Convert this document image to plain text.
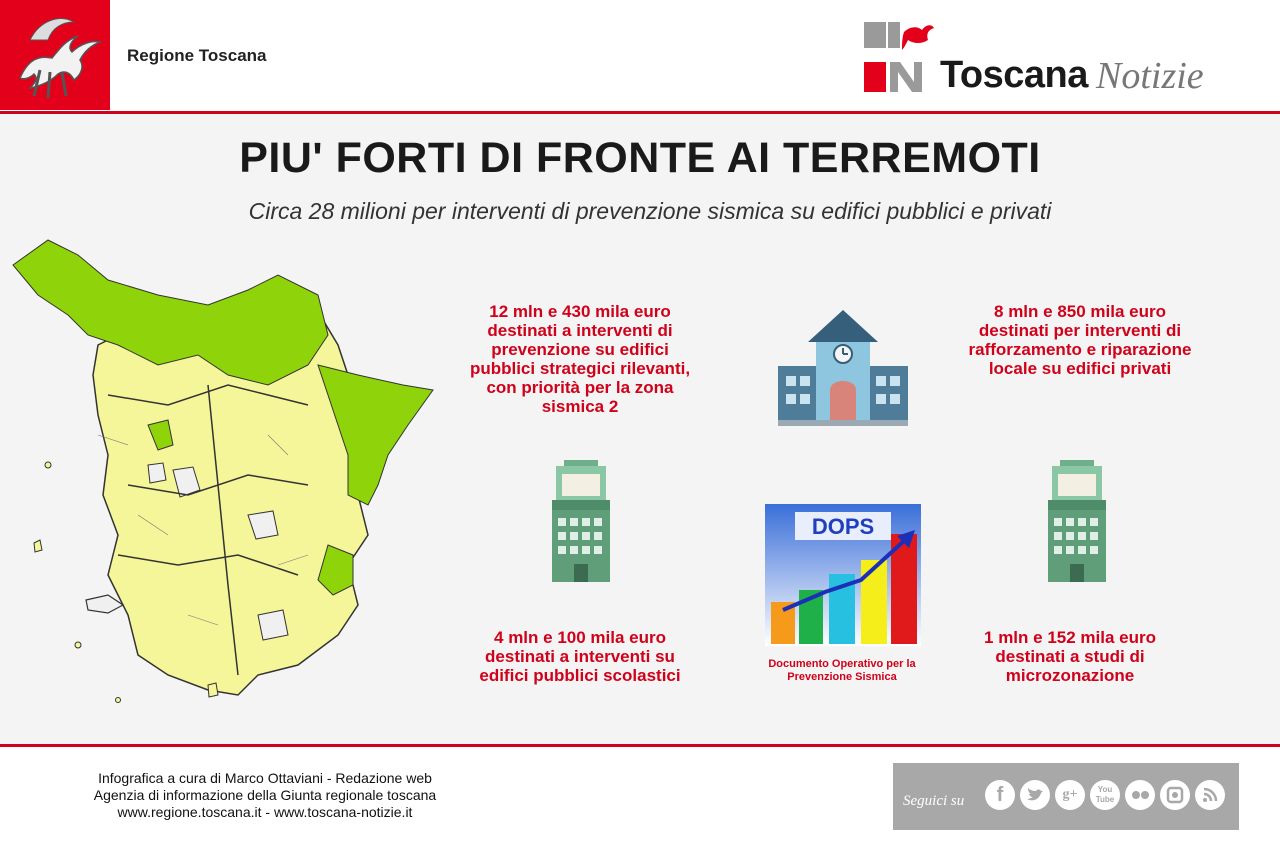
Regione Toscana	Toscana Notizie
PIU' FORTI DI FRONTE AI TERREMOTI
Circa 28 milioni per interventi di prevenzione sismica su edifici pubblici e privati
12 mln e 430 mila euro
destinati a interventi di
prevenzione su edifici
pubblici strategici rilevanti,
con priorità per la zona
sismica 2
8 mln e 850 mila euro
destinati per interventi di
rafforzamento e riparazione
locale su edifici privati
4 mln e 100 mila euro
destinati a interventi su
edifici pubblici scolastici
1 mln e 152 mila euro
destinati a studi di
microzonazione
DOPS
Documento Operativo per la
Prevenzione Sismica
Infografica a cura di Marco Ottaviani - Redazione web
Agenzia di informazione della Giunta regionale toscana
www.regione.toscana.it - www.toscana-notizie.it
Seguici su	f	g+	You
Tube
